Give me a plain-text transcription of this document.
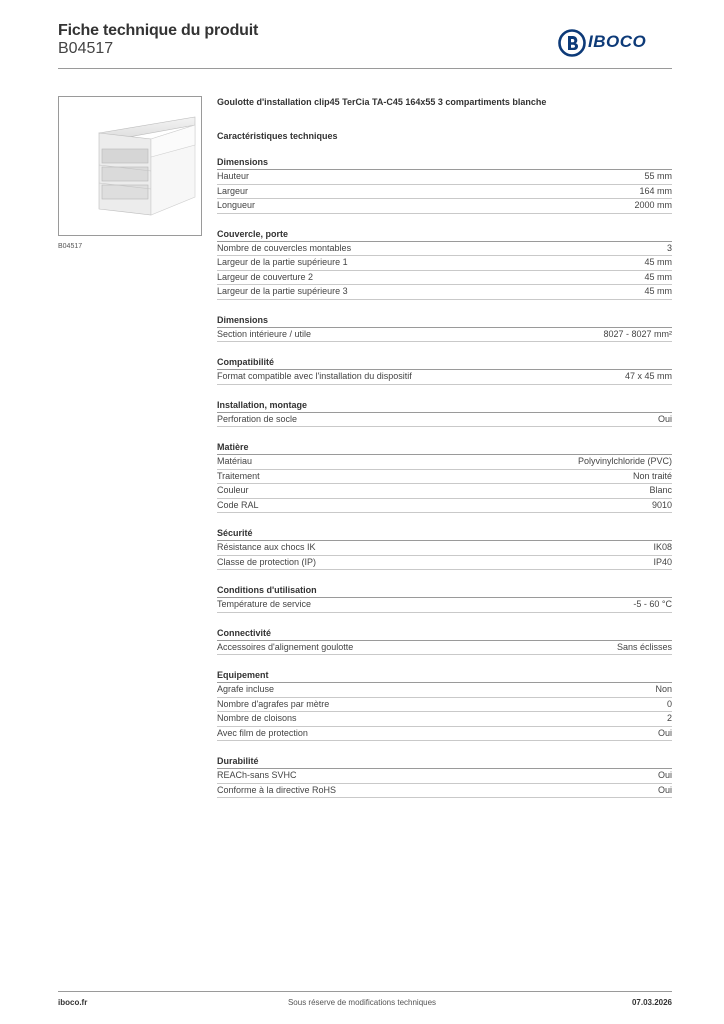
Fiche technique du produit
B04517	IBOCO
B04517
Goulotte d'installation clip45 TerCia TA-C45 164x55 3 compartiments blanche
Caractéristiques techniques
Dimensions
Hauteur	55 mm
Largeur	164 mm
Longueur	2000 mm
Couvercle, porte
Nombre de couvercles montables	3
Largeur de la partie supérieure 1	45 mm
Largeur de couverture 2	45 mm
Largeur de la partie supérieure 3	45 mm
Dimensions
Section intérieure / utile	8027 - 8027 mm²
Compatibilité
Format compatible avec l'installation du dispositif	47 x 45 mm
Installation, montage
Perforation de socle	Oui
Matière
Matériau	Polyvinylchloride (PVC)
Traitement	Non traité
Couleur	Blanc
Code RAL	9010
Sécurité
Résistance aux chocs IK	IK08
Classe de protection (IP)	IP40
Conditions d'utilisation
Température de service	-5 - 60 °C
Connectivité
Accessoires d'alignement goulotte	Sans éclisses
Equipement
Agrafe incluse	Non
Nombre d'agrafes par mètre	0
Nombre de cloisons	2
Avec film de protection	Oui
Durabilité
REACh-sans SVHC	Oui
Conforme à la directive RoHS	Oui
iboco.fr	Sous réserve de modifications techniques	07.03.2026
